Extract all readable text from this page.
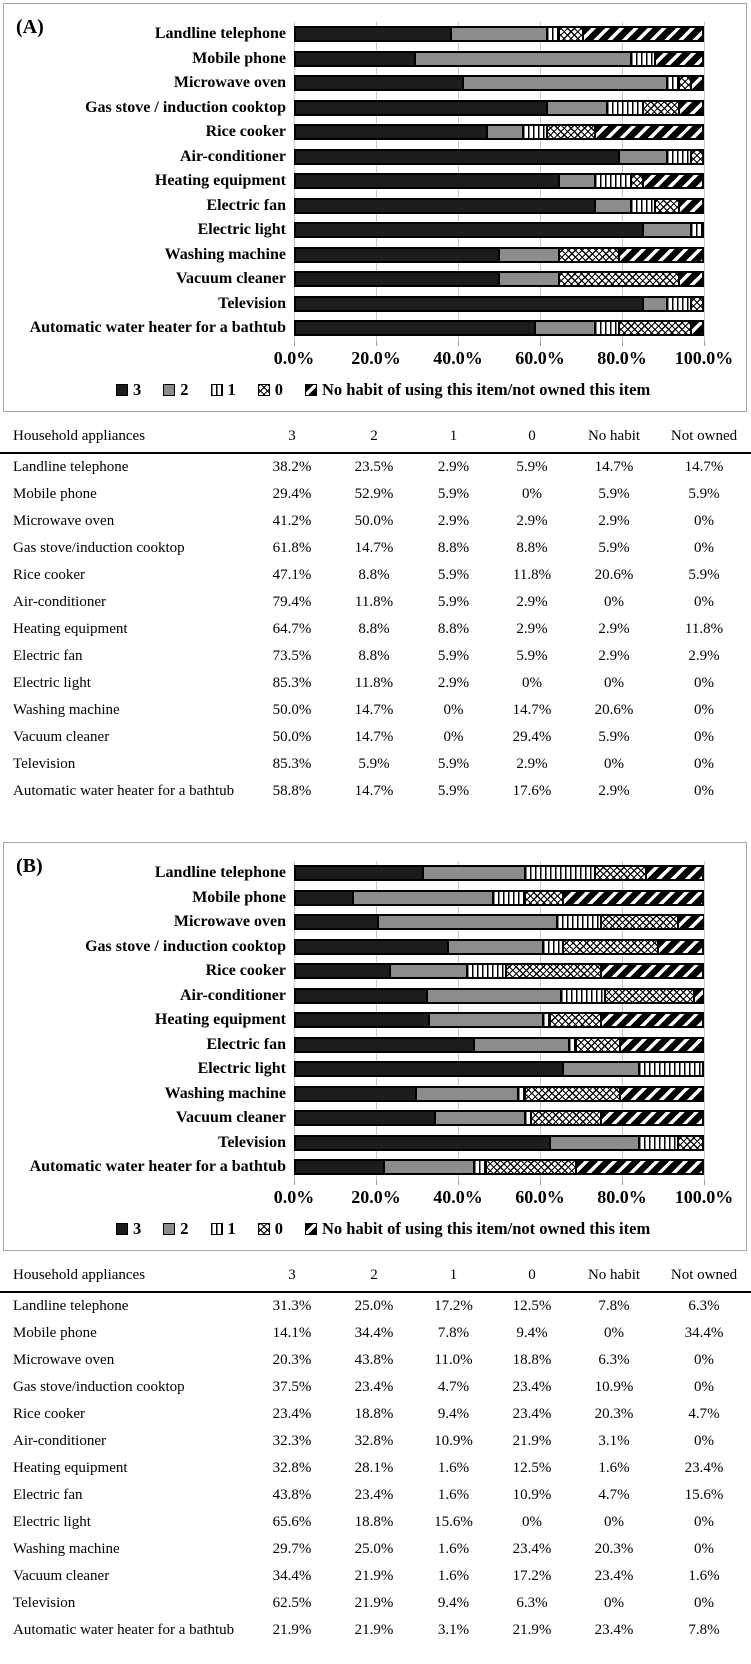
(A)	Landline telephone
Mobile phone
Microwave oven
Gas stove / induction cooktop
Rice cooker
Air-conditioner
Heating equipment
Electric fan
Electric light
Washing machine
Vacuum cleaner
Television
Automatic water heater for a bathtub
0.0% 20.0% 40.0% 60.0% 80.0% 100.0%
3 2 1 0 No habit of using this item/not owned this item
Household appliances	3	2	1	0	No habit	Not owned
Landline telephone	38.2%	23.5%	2.9%	5.9%	14.7%	14.7%
Mobile phone	29.4%	52.9%	5.9%	0%	5.9%	5.9%
Microwave oven	41.2%	50.0%	2.9%	2.9%	2.9%	0%
Gas stove/induction cooktop	61.8%	14.7%	8.8%	8.8%	5.9%	0%
Rice cooker	47.1%	8.8%	5.9%	11.8%	20.6%	5.9%
Air-conditioner	79.4%	11.8%	5.9%	2.9%	0%	0%
Heating equipment	64.7%	8.8%	8.8%	2.9%	2.9%	11.8%
Electric fan	73.5%	8.8%	5.9%	5.9%	2.9%	2.9%
Electric light	85.3%	11.8%	2.9%	0%	0%	0%
Washing machine	50.0%	14.7%	0%	14.7%	20.6%	0%
Vacuum cleaner	50.0%	14.7%	0%	29.4%	5.9%	0%
Television	85.3%	5.9%	5.9%	2.9%	0%	0%
Automatic water heater for a bathtub	58.8%	14.7%	5.9%	17.6%	2.9%	0%
(B)	Landline telephone
Mobile phone
Microwave oven
Gas stove / induction cooktop
Rice cooker
Air-conditioner
Heating equipment
Electric fan
Electric light
Washing machine
Vacuum cleaner
Television
Automatic water heater for a bathtub
0.0% 20.0% 40.0% 60.0% 80.0% 100.0%
3 2 1 0 No habit of using this item/not owned this item
Household appliances	3	2	1	0	No habit	Not owned
Landline telephone	31.3%	25.0%	17.2%	12.5%	7.8%	6.3%
Mobile phone	14.1%	34.4%	7.8%	9.4%	0%	34.4%
Microwave oven	20.3%	43.8%	11.0%	18.8%	6.3%	0%
Gas stove/induction cooktop	37.5%	23.4%	4.7%	23.4%	10.9%	0%
Rice cooker	23.4%	18.8%	9.4%	23.4%	20.3%	4.7%
Air-conditioner	32.3%	32.8%	10.9%	21.9%	3.1%	0%
Heating equipment	32.8%	28.1%	1.6%	12.5%	1.6%	23.4%
Electric fan	43.8%	23.4%	1.6%	10.9%	4.7%	15.6%
Electric light	65.6%	18.8%	15.6%	0%	0%	0%
Washing machine	29.7%	25.0%	1.6%	23.4%	20.3%	0%
Vacuum cleaner	34.4%	21.9%	1.6%	17.2%	23.4%	1.6%
Television	62.5%	21.9%	9.4%	6.3%	0%	0%
Automatic water heater for a bathtub	21.9%	21.9%	3.1%	21.9%	23.4%	7.8%
